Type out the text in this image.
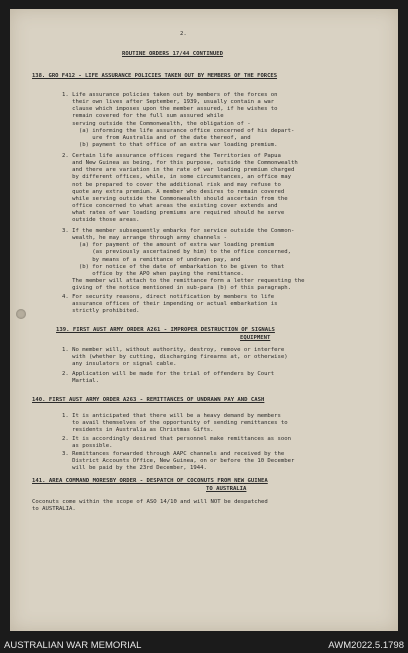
2.
ROUTINE ORDERS 17/44 CONTINUED
138. GRO F412 - LIFE ASSURANCE POLICIES TAKEN OUT BY MEMBERS OF THE FORCES
1. Life assurance policies taken out by members of the forces on
their own lives after September, 1939, usually contain a war
clause which imposes upon the member assured, if he wishes to
remain covered for the full sum assured while
serving outside the Commonwealth, the obligation of -
(a) informing the life assurance office concerned of his depart-
ure from Australia and of the date thereof, and
(b) payment to that office of an extra war loading premium.
2. Certain life assurance offices regard the Territories of Papua
and New Guinea as being, for this purpose, outside the Commonwealth
and there are variation in the rate of war loading premium charged
by different offices, while, in some circumstances, an office may
not be prepared to cover the additional risk and may refuse to
quote any extra premium. A member who desires to remain covered
while serving outside the Commonwealth should ascertain from the
office concerned to what areas the existing cover extends and
what rates of war loading premiums are required should he serve
outside those areas.
3. If the member subsequently embarks for service outside the Common-
wealth, he may arrange through army channels -
(a) for payment of the amount of extra war loading premium
(as previously ascertained by him) to the office concerned,
by means of a remittance of undrawn pay, and
(b) for notice of the date of embarkation to be given to that
office by the APO when paying the remittance.
The member will attach to the remittance form a letter requesting the
giving of the notice mentioned in sub-para (b) of this paragraph.
4. For security reasons, direct notification by members to life
assurance offices of their impending or actual embarkation is
strictly prohibited.
139. FIRST AUST ARMY ORDER A261 - IMPROPER DESTRUCTION OF SIGNALS
EQUIPMENT
1. No member will, without authority, destroy, remove or interfere
with (whether by cutting, discharging firearms at, or otherwise)
any insulators or signal cable.
2. Application will be made for the trial of offenders by Court
Martial.
140. FIRST AUST ARMY ORDER A263 - REMITTANCES OF UNDRAWN PAY AND CASH
1. It is anticipated that there will be a heavy demand by members
to avail themselves of the opportunity of sending remittances to
residents in Australia as Christmas Gifts.
2. It is accordingly desired that personnel make remittances as soon
as possible.
3. Remittances forwarded through AAPC channels and received by the
District Accounts Office, New Guinea, on or before the 10 December
will be paid by the 23rd December, 1944.
141. AREA COMMAND MORESBY ORDER - DESPATCH OF COCONUTS FROM NEW GUINEA
TO AUSTRALIA
Coconuts come within the scope of ASO 14/10 and will NOT be despatched
to AUSTRALIA.
AUSTRALIAN WAR MEMORIAL	AWM2022.5.1798
